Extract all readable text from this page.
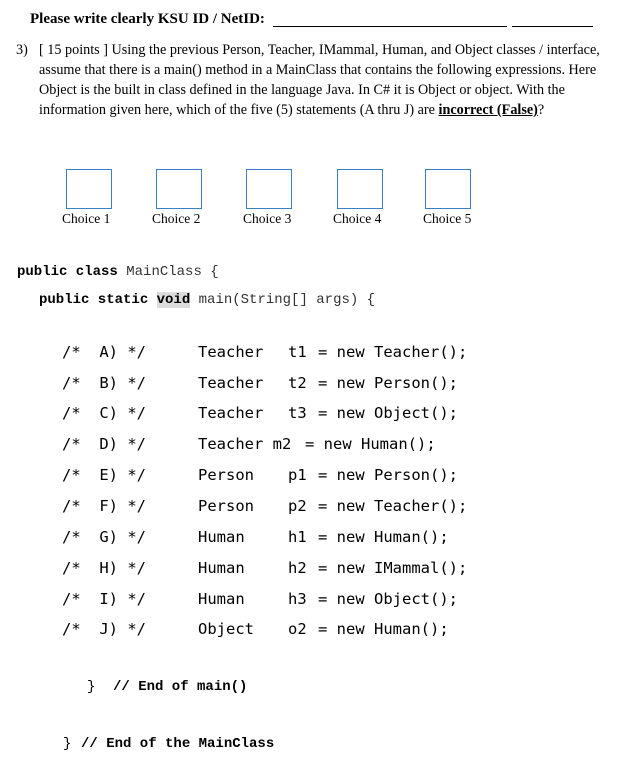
Please write clearly KSU ID / NetID:
3) [ 15 points ] Using the previous Person, Teacher, IMammal, Human, and Object classes / interface, assume that there is a main() method in a MainClass that contains the following expressions. Here Object is the built in class defined in the language Java. In C# it is Object or object. With the information given here, which of the five (5) statements (A thru J) are incorrect (False)?
Choice 1	Choice 2	Choice 3	Choice 4	Choice 5
public class MainClass {
public static void main(String[] args) {
/*  A) */	Teacher t1 = new Teacher();
/*  B) */	Teacher t2 = new Person();
/*  C) */	Teacher t3 = new Object();
/*  D) */	Teacher m2 = new Human();
/*  E) */	Person p1 = new Person();
/*  F) */	Person p2 = new Teacher();
/*  G) */	Human	h1 = new Human();
/*  H) */	Human	h2 = new IMammal();
/*  I) */	Human	h3 = new Object();
/*  J) */	Object o2 = new Human();
} // End of main()
} // End of the MainClass
